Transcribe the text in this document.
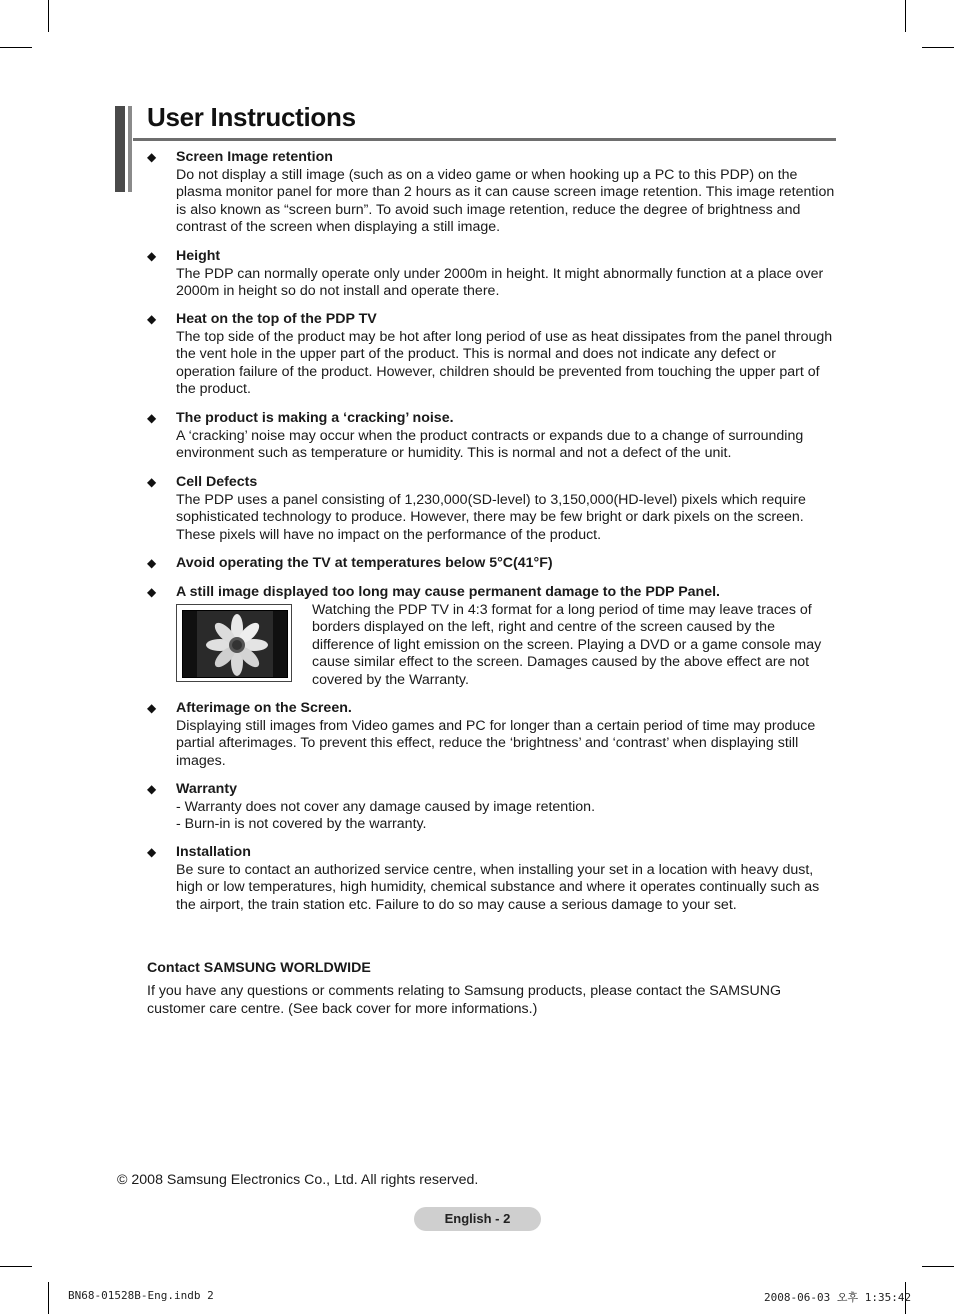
User Instructions
◆ Screen Image retention
Do not display a still image (such as on a video game or when hooking up a PC to this PDP) on the plasma monitor panel for more than 2 hours as it can cause screen image retention. This image retention is also known as “screen burn”. To avoid such image retention, reduce the degree of brightness and contrast of the screen when displaying a still image.
◆ Height
The PDP can normally operate only under 2000m in height. It might abnormally function at a place over 2000m in height so do not install and operate there.
◆ Heat on the top of the PDP TV
The top side of the product may be hot after long period of use as heat dissipates from the panel through the vent hole in the upper part of the product. This is normal and does not indicate any defect or operation failure of the product. However, children should be prevented from touching the upper part of the product.
◆ The product is making a ‘cracking’ noise.
A ‘cracking’ noise may occur when the product contracts or expands due to a change of surrounding environment such as temperature or humidity. This is normal and not a defect of the unit.
◆ Cell Defects
The PDP uses a panel consisting of 1,230,000(SD-level) to 3,150,000(HD-level) pixels which require sophisticated technology to produce. However, there may be few bright or dark pixels on the screen. These pixels will have no impact on the performance of the product.
◆ Avoid operating the TV at temperatures below 5°C(41°F)
◆ A still image displayed too long may cause permanent damage to the PDP Panel.
Watching the PDP TV in 4:3 format for a long period of time may leave traces of borders displayed on the left, right and centre of the screen caused by the difference of light emission on the screen. Playing a DVD or a game console may cause similar effect to the screen. Damages caused by the above effect are not covered by the Warranty.
◆ Afterimage on the Screen.
Displaying still images from Video games and PC for longer than a certain period of time may produce partial afterimages. To prevent this effect, reduce the ‘brightness’ and ‘contrast’ when displaying still images.
◆ Warranty
- Warranty does not cover any damage caused by image retention.
- Burn-in is not covered by the warranty.
◆ Installation
Be sure to contact an authorized service centre, when installing your set in a location with heavy dust, high or low temperatures, high humidity, chemical substance and where it operates continually such as the airport, the train station etc. Failure to do so may cause a serious damage to your set.
Contact SAMSUNG WORLDWIDE
If you have any questions or comments relating to Samsung products, please contact the SAMSUNG customer care centre. (See back cover for more informations.)
© 2008 Samsung Electronics Co., Ltd. All rights reserved.
English - 2
BN68-01528B-Eng.indb 2	2008-06-03 오후 1:35:42
